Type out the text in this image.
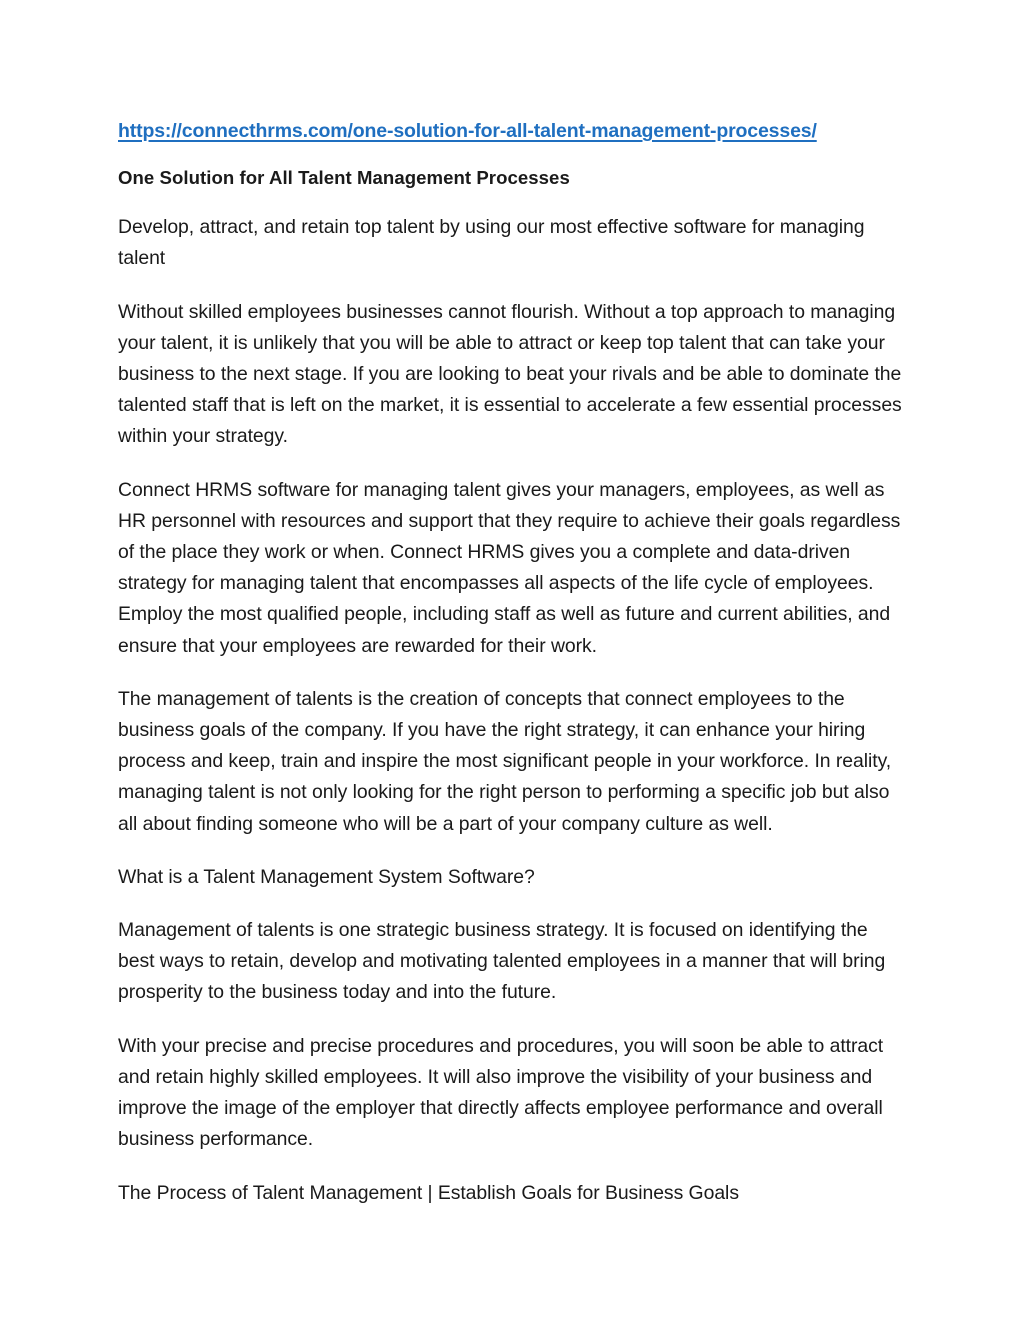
https://connecthrms.com/one-solution-for-all-talent-management-processes/
One Solution for All Talent Management Processes

Develop, attract, and retain top talent by using our most effective software for managing talent

Without skilled employees businesses cannot flourish. Without a top approach to managing your talent, it is unlikely that you will be able to attract or keep top talent that can take your business to the next stage. If you are looking to beat your rivals and be able to dominate the talented staff that is left on the market, it is essential to accelerate a few essential processes within your strategy.

Connect HRMS software for managing talent gives your managers, employees, as well as HR personnel with resources and support that they require to achieve their goals regardless of the place they work or when. Connect HRMS gives you a complete and data-driven strategy for managing talent that encompasses all aspects of the life cycle of employees. Employ the most qualified people, including staff as well as future and current abilities, and ensure that your employees are rewarded for their work.

The management of talents is the creation of concepts that connect employees to the business goals of the company. If you have the right strategy, it can enhance your hiring process and keep, train and inspire the most significant people in your workforce. In reality, managing talent is not only looking for the right person to performing a specific job but also all about finding someone who will be a part of your company culture as well.

What is a Talent Management System Software?

Management of talents is one strategic business strategy. It is focused on identifying the best ways to retain, develop and motivating talented employees in a manner that will bring prosperity to the business today and into the future.

With your precise and precise procedures and procedures, you will soon be able to attract and retain highly skilled employees. It will also improve the visibility of your business and improve the image of the employer that directly affects employee performance and overall business performance.

The Process of Talent Management | Establish Goals for Business Goals
